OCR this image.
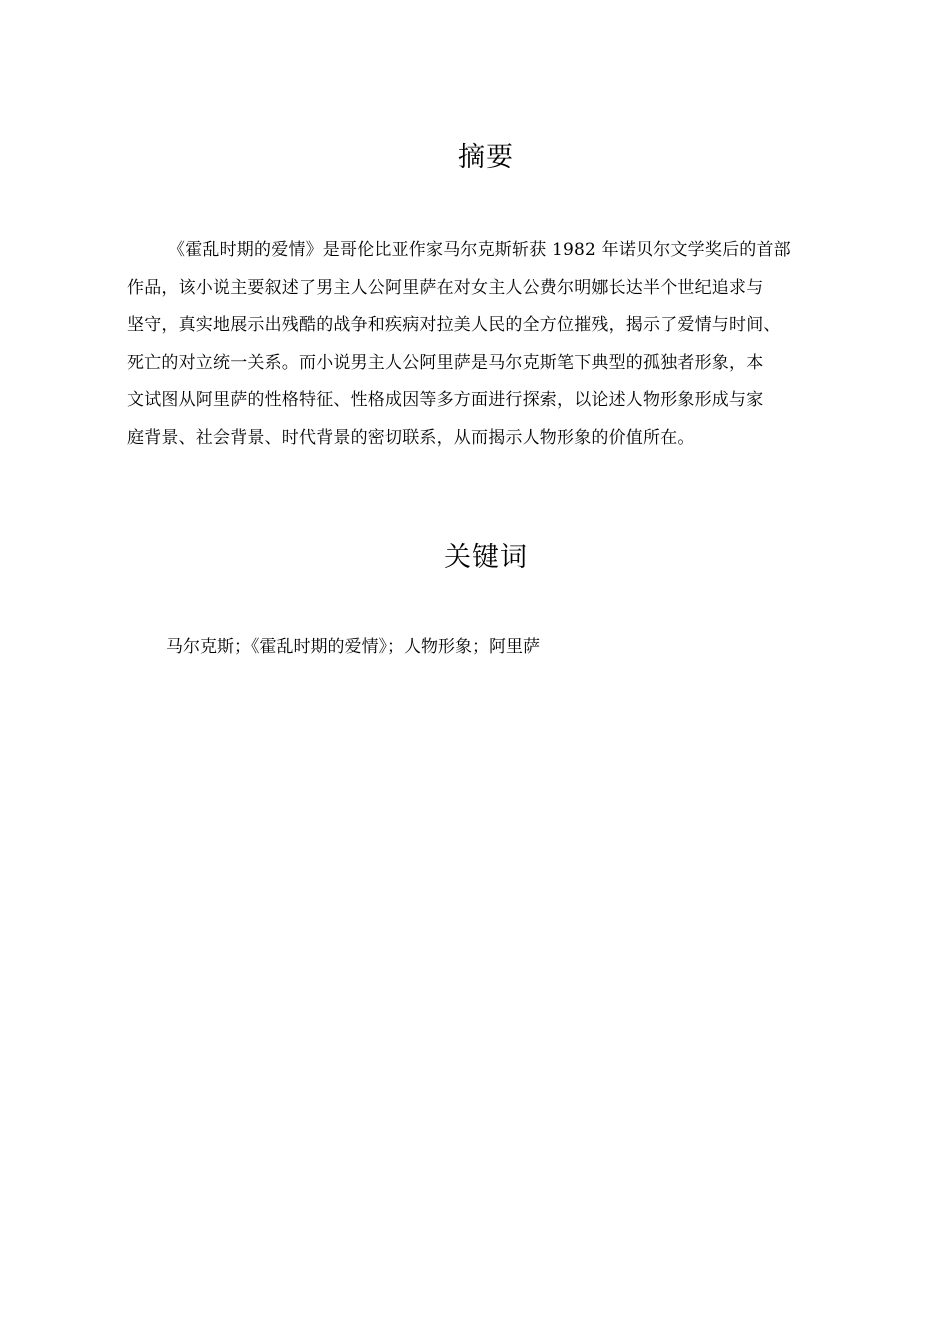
摘要

《霍乱时期的爱情》是哥伦比亚作家马尔克斯斩获 1982 年诺贝尔文学奖后的首部
作品，该小说主要叙述了男主人公阿里萨在对女主人公费尔明娜长达半个世纪追求与
坚守，真实地展示出残酷的战争和疾病对拉美人民的全方位摧残，揭示了爱情与时间、
死亡的对立统一关系。而小说男主人公阿里萨是马尔克斯笔下典型的孤独者形象，本
文试图从阿里萨的性格特征、性格成因等多方面进行探索，以论述人物形象形成与家
庭背景、社会背景、时代背景的密切联系，从而揭示人物形象的价值所在。

关键词
马尔克斯；《霍乱时期的爱情》；人物形象；阿里萨
